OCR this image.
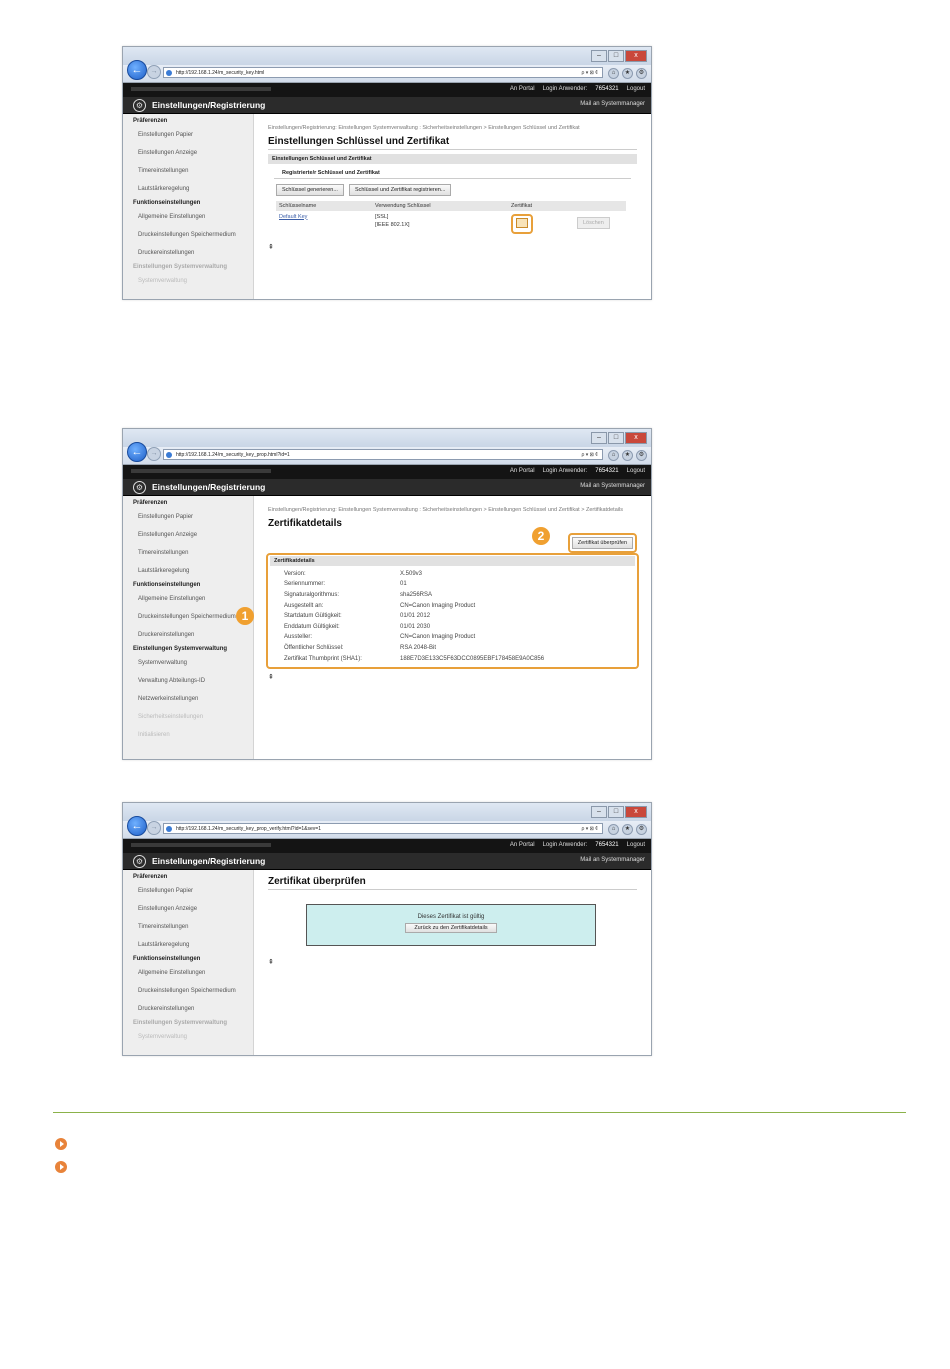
–	□	x
←	→	http://192.168.1.24/m_security_key.html	ρ ▾ ⊠ ¢	⌂	★	⚙
An Portal Login Anwender: 7654321 Logout
⚙	Einstellungen/Registrierung	Mail an Systemmanager
Präferenzen
Einstellungen Papier
Einstellungen Anzeige
Timereinstellungen
Lautstärkeregelung
Funktionseinstellungen
Allgemeine Einstellungen
Druckeinstellungen Speichermedium
Druckereinstellungen
Einstellungen Systemverwaltung
Systemverwaltung
Einstellungen/Registrierung: Einstellungen Systemverwaltung : Sicherheitseinstellungen > Einstellungen Schlüssel und Zertifikat
Einstellungen Schlüssel und Zertifikat
Einstellungen Schlüssel und Zertifikat
Registrierte/r Schlüssel und Zertifikat
Schlüssel generieren...	Schlüssel und Zertifikat registrieren...
Schlüsselname	Verwendung Schlüssel	Zertifikat	
Default Key	[SSL]
[IEEE 802.1X]		Löschen
⇞
–	□	x
←	→	http://192.168.1.24/m_security_key_prop.html?id=1	ρ ▾ ⊠ ¢	⌂	★	⚙
An Portal Login Anwender: 7654321 Logout
⚙	Einstellungen/Registrierung	Mail an Systemmanager
Präferenzen
Einstellungen Papier
Einstellungen Anzeige
Timereinstellungen
Lautstärkeregelung
Funktionseinstellungen
Allgemeine Einstellungen
Druckeinstellungen Speichermedium
Druckereinstellungen
Einstellungen Systemverwaltung
Systemverwaltung
Verwaltung Abteilungs-ID
Netzwerkeinstellungen
Sicherheitseinstellungen
Initialisieren
Einstellungen/Registrierung: Einstellungen Systemverwaltung : Sicherheitseinstellungen > Einstellungen Schlüssel und Zertifikat > Zertifikatdetails
Zertifikatdetails
Zertifikat überprüfen
Zertifikatdetails
Version:	X.509v3
Seriennummer:	01
Signaturalgorithmus:	sha256RSA
Ausgestellt an:	CN=Canon Imaging Product
Startdatum Gültigkeit:	01/01 2012
Enddatum Gültigkeit:	01/01 2030
Aussteller:	CN=Canon Imaging Product
Öffentlicher Schlüssel:	RSA 2048-Bit
Zertifikat Thumbprint (SHA1):	188E7D3E133C5F63DCC0895EBF178458E9A0C856
⇞
1
2
–	□	x
←	→	http://192.168.1.24/m_security_key_prop_verify.html?id=1&sev=1	ρ ▾ ⊠ ¢	⌂	★	⚙
An Portal Login Anwender: 7654321 Logout
⚙	Einstellungen/Registrierung	Mail an Systemmanager
Präferenzen
Einstellungen Papier
Einstellungen Anzeige
Timereinstellungen
Lautstärkeregelung
Funktionseinstellungen
Allgemeine Einstellungen
Druckeinstellungen Speichermedium
Druckereinstellungen
Einstellungen Systemverwaltung
Systemverwaltung
Zertifikat überprüfen
Dieses Zertifikat ist gültig
Zurück zu den Zertifikatdetails
⇞
